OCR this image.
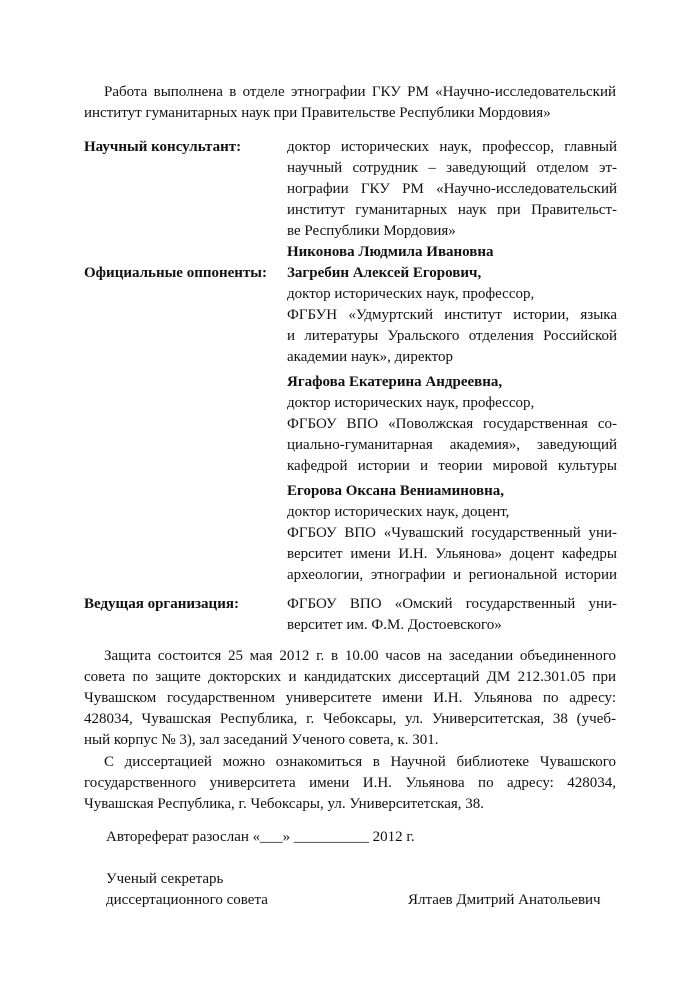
Работа выполнена в отделе этнографии ГКУ РМ «Научно-исследовательский
институт гуманитарных наук при Правительстве Республики Мордовия»
Научный консультант:	доктор исторических наук, профессор, главный
научный сотрудник – заведующий отделом эт-
нографии ГКУ РМ «Научно-исследовательский
институт гуманитарных наук при Правительст-
ве Республики Мордовия»
Никонова Людмила Ивановна
Официальные оппоненты:	Загребин Алексей Егорович,
доктор исторических наук, профессор,
ФГБУН «Удмуртский институт истории, языка
и литературы Уральского отделения Российской
академии наук», директор
Ягафова Екатерина Андреевна,
доктор исторических наук, профессор,
ФГБОУ ВПО «Поволжская государственная со-
циально-гуманитарная академия», заведующий
кафедрой истории и теории мировой культуры
Егорова Оксана Вениаминовна,
доктор исторических наук, доцент,
ФГБОУ ВПО «Чувашский государственный уни-
верситет имени И.Н. Ульянова» доцент кафедры
археологии, этнографии и региональной истории
Ведущая организация:	ФГБОУ ВПО «Омский государственный уни-
верситет им. Ф.М. Достоевского»
Защита состоится 25 мая 2012 г. в 10.00 часов на заседании объединенного
совета по защите докторских и кандидатских диссертаций ДМ 212.301.05 при
Чувашском государственном университете имени И.Н. Ульянова по адресу:
428034, Чувашская Республика, г. Чебоксары, ул. Университетская, 38 (учеб-
ный корпус № 3), зал заседаний Ученого совета, к. 301.
С диссертацией можно ознакомиться в Научной библиотеке Чувашского
государственного университета имени И.Н. Ульянова по адресу: 428034,
Чувашская Республика, г. Чебоксары, ул. Университетская, 38.
Автореферат разослан «___» __________ 2012 г.
Ученый секретарь
диссертационного совета	Ялтаев Дмитрий Анатольевич
